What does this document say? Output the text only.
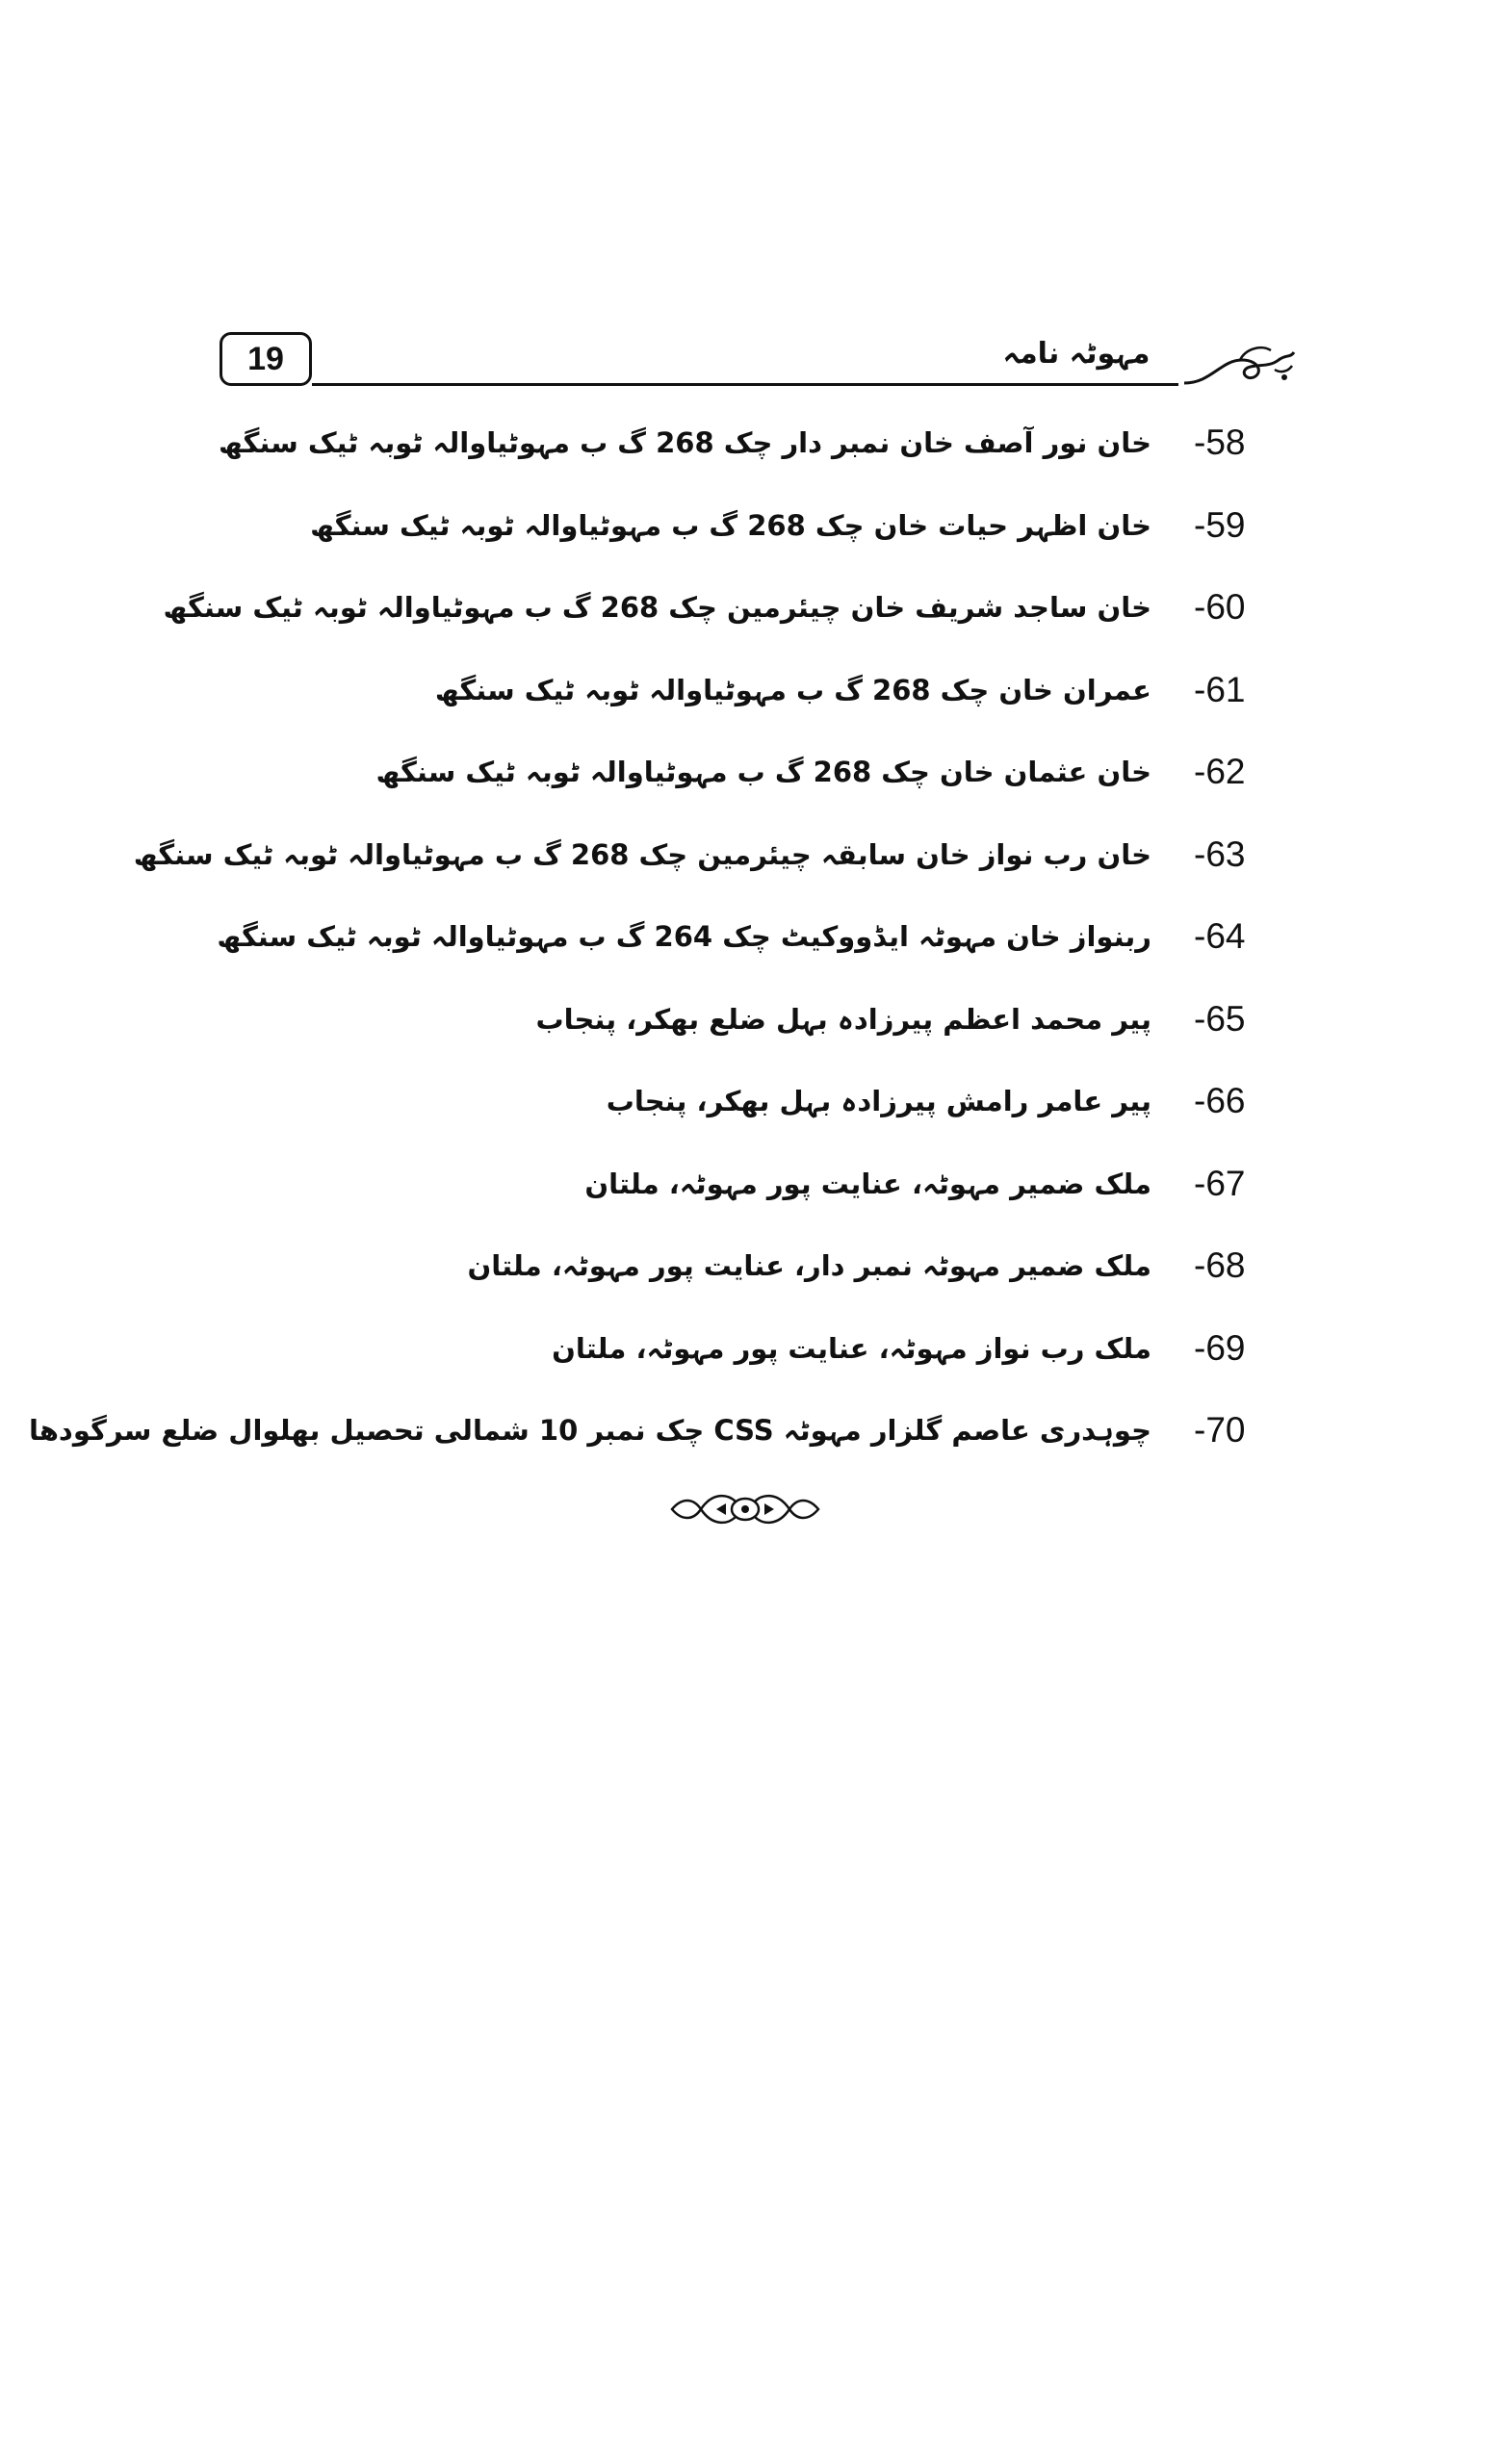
19	مہوٹہ نامہ
-58
خان نور آصف خان نمبر دار چک 268 گ ب مہوٹیاوالہ ٹوبہ ٹیک سنگھ
-59
خان اظہر حیات خان چک 268 گ ب مہوٹیاوالہ ٹوبہ ٹیک سنگھ
-60
خان ساجد شریف خان چیئرمین چک 268 گ ب مہوٹیاوالہ ٹوبہ ٹیک سنگھ
-61
عمران خان چک 268 گ ب مہوٹیاوالہ ٹوبہ ٹیک سنگھ
-62
خان عثمان خان چک 268 گ ب مہوٹیاوالہ ٹوبہ ٹیک سنگھ
-63
خان رب نواز خان سابقہ چیئرمین چک 268 گ ب مہوٹیاوالہ ٹوبہ ٹیک سنگھ
-64
ربنواز خان مہوٹہ ایڈووکیٹ چک 264 گ ب مہوٹیاوالہ ٹوبہ ٹیک سنگھ
-65
پیر محمد اعظم پیرزادہ بہل ضلع بھکر، پنجاب
-66
پیر عامر رامش پیرزادہ بہل بھکر، پنجاب
-67
ملک ضمیر مہوٹہ، عنایت پور مہوٹہ، ملتان
-68
ملک ضمیر مہوٹہ نمبر دار، عنایت پور مہوٹہ، ملتان
-69
ملک رب نواز مہوٹہ، عنایت پور مہوٹہ، ملتان
-70
چوہدری عاصم گلزار مہوٹہ CSS چک نمبر 10 شمالی تحصیل بھلوال ضلع سرگودھا
